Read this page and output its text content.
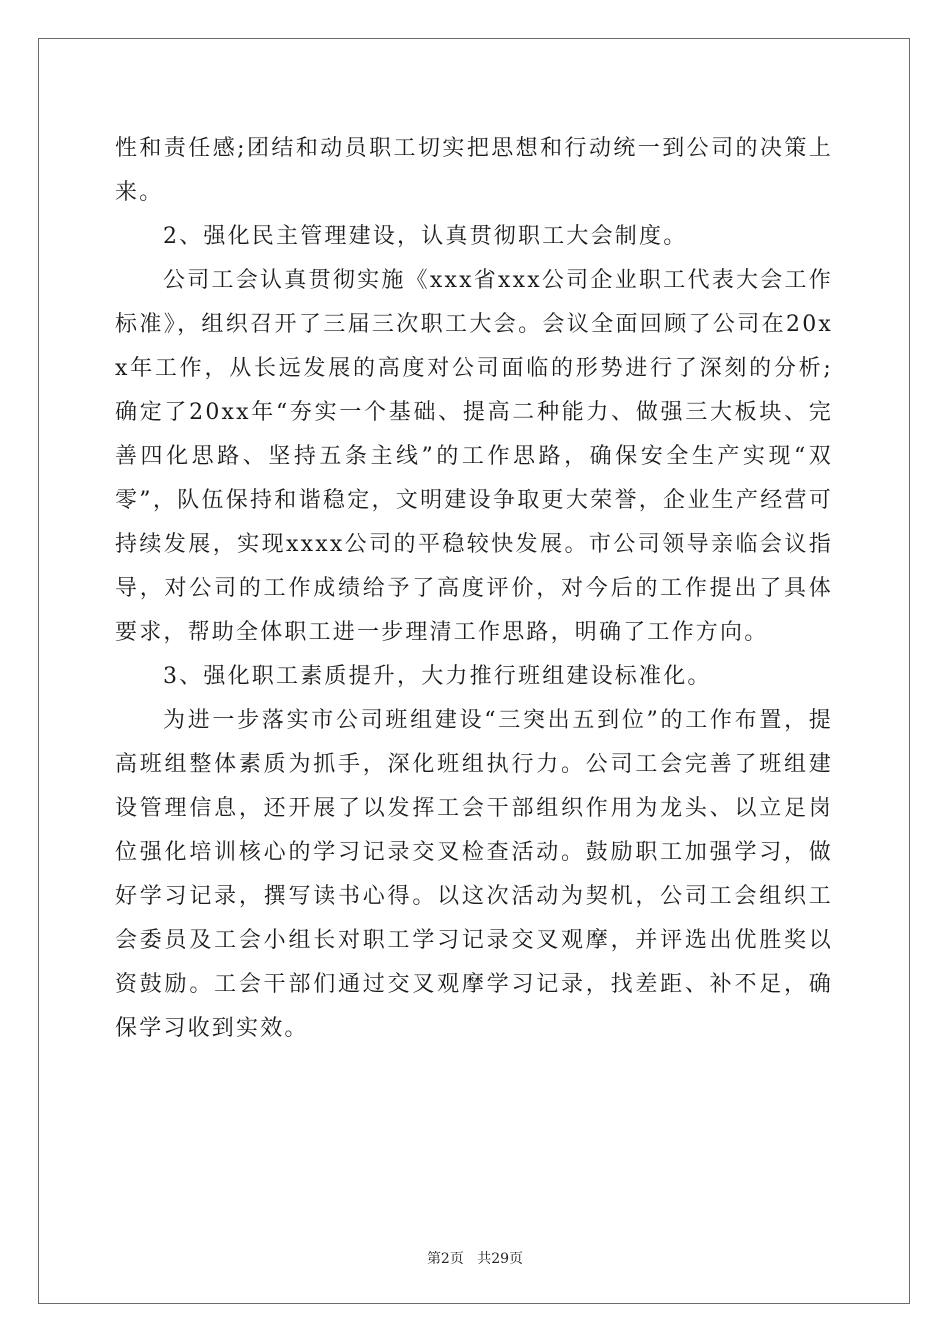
性和责任感;团结和动员职工切实把思想和行动统一到公司的决策上来。

2、强化民主管理建设，认真贯彻职工大会制度。

公司工会认真贯彻实施《xxx省xxx公司企业职工代表大会工作标准》，组织召开了三届三次职工大会。会议全面回顾了公司在20xx年工作，从长远发展的高度对公司面临的形势进行了深刻的分析;确定了20xx年“夯实一个基础、提高二种能力、做强三大板块、完善四化思路、坚持五条主线”的工作思路，确保安全生产实现“双零”，队伍保持和谐稳定，文明建设争取更大荣誉，企业生产经营可持续发展，实现xxxx公司的平稳较快发展。市公司领导亲临会议指导，对公司的工作成绩给予了高度评价，对今后的工作提出了具体要求，帮助全体职工进一步理清工作思路，明确了工作方向。

3、强化职工素质提升，大力推行班组建设标准化。

为进一步落实市公司班组建设“三突出五到位”的工作布置，提高班组整体素质为抓手，深化班组执行力。公司工会完善了班组建设管理信息，还开展了以发挥工会干部组织作用为龙头、以立足岗位强化培训核心的学习记录交叉检查活动。鼓励职工加强学习，做好学习记录，撰写读书心得。以这次活动为契机，公司工会组织工会委员及工会小组长对职工学习记录交叉观摩，并评选出优胜奖以资鼓励。工会干部们通过交叉观摩学习记录，找差距、补不足，确保学习收到实效。

第2页 共29页
